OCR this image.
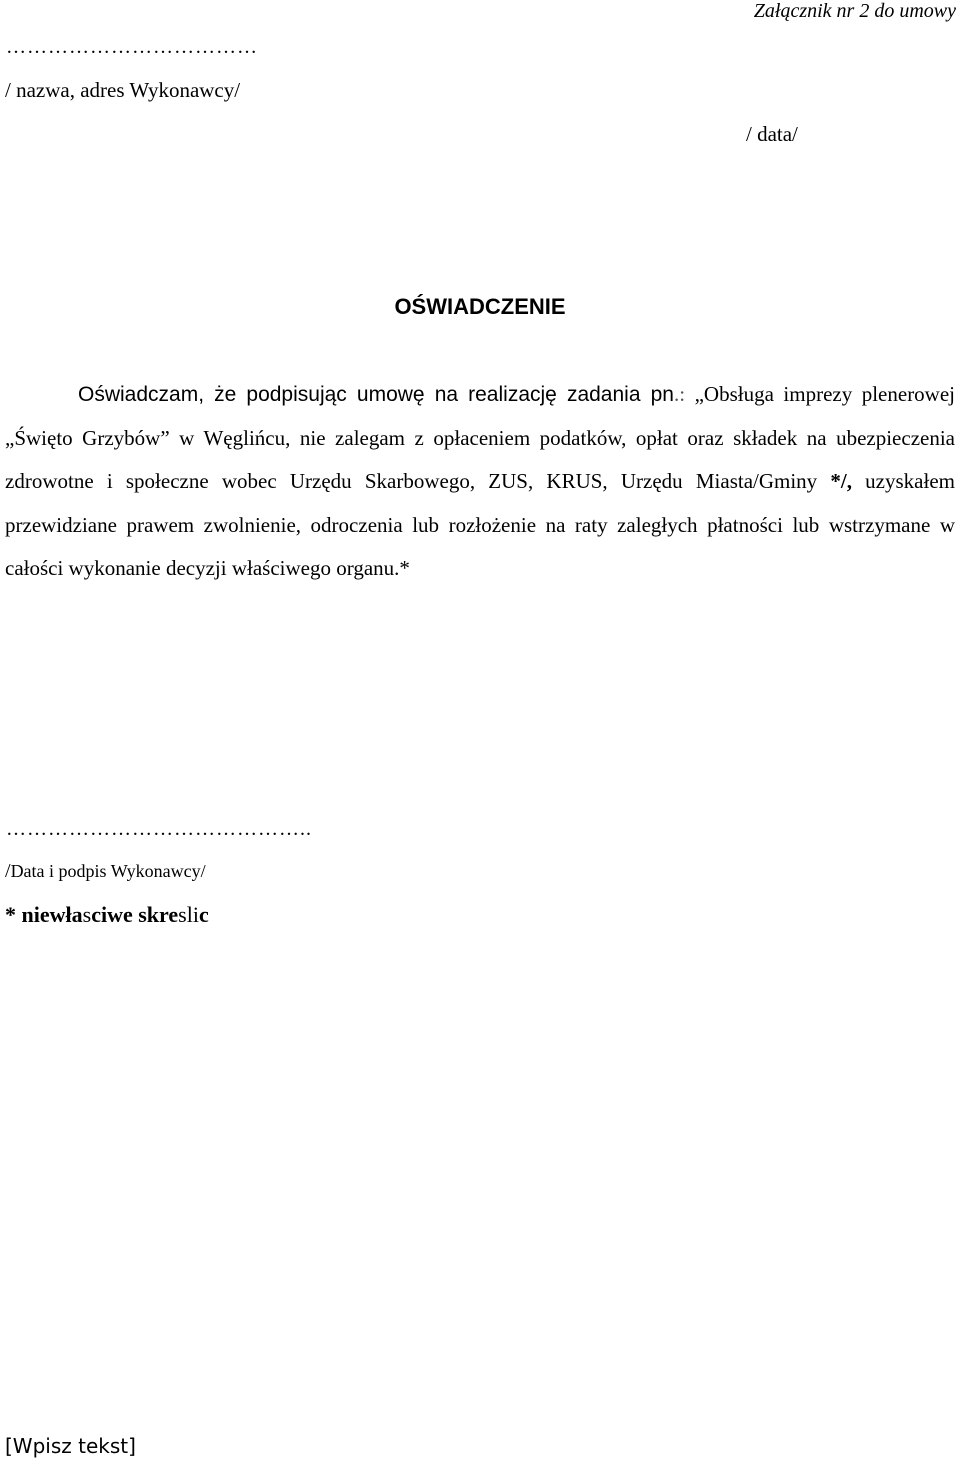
Załącznik nr 2 do umowy
………………………………
/ nazwa, adres Wykonawcy/
/ data/
OŚWIADCZENIE

Oświadczam, że podpisując umowę na realizację zadania pn.: „Obsługa imprezy plenerowej „Święto Grzybów” w Węglińcu, nie zalegam z opłaceniem podatków, opłat oraz składek na ubezpieczenia zdrowotne i społeczne wobec Urzędu Skarbowego, ZUS, KRUS, Urzędu Miasta/Gminy */, uzyskałem przewidziane prawem zwolnienie, odroczenia lub rozłożenie na raty zaległych płatności lub wstrzymane w całości wykonanie decyzji właściwego organu.*

……………………………………..
/Data i podpis Wykonawcy/
* niewłasciwe skreslic
[Wpisz tekst]
